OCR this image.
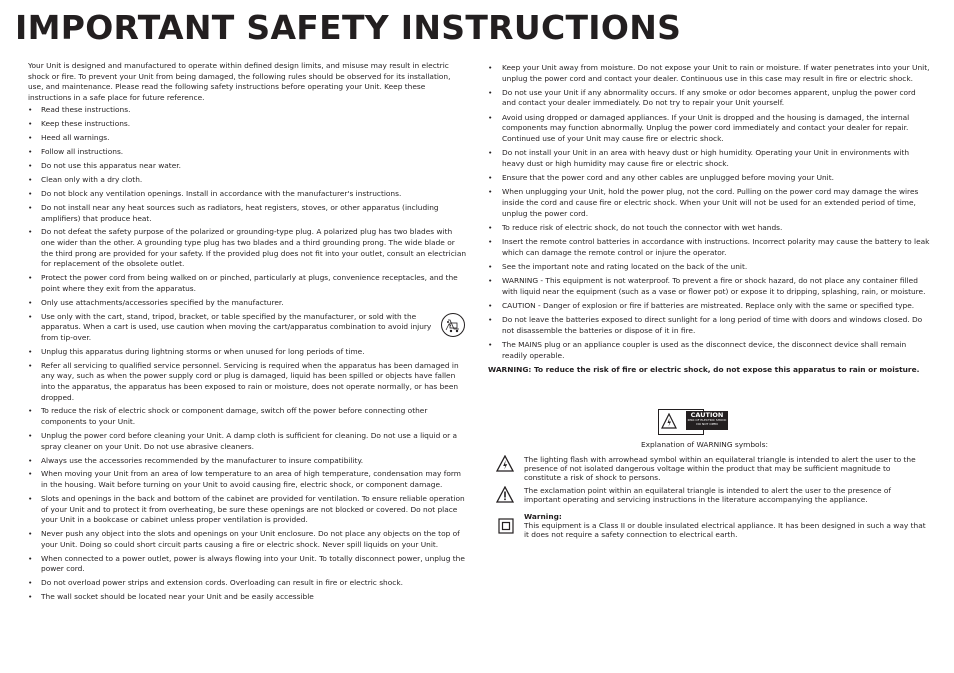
IMPORTANT SAFETY INSTRUCTIONS

Your Unit is designed and manufactured to operate within defined design limits, and misuse may result in electric shock or fire. To prevent your Unit from being damaged, the following rules should be observed for its installation, use, and maintenance. Please read the following safety instructions before operating your Unit. Keep these instructions in a safe place for future reference.

• Read these instructions.
• Keep these instructions.
• Heed all warnings.
• Follow all instructions.
• Do not use this apparatus near water.
• Clean only with a dry cloth.
• Do not block any ventilation openings. Install in accordance with the manufacturer's instructions.
• Do not install near any heat sources such as radiators, heat registers, stoves, or other apparatus (including amplifiers) that produce heat.
• Do not defeat the safety purpose of the polarized or grounding-type plug. A polarized plug has two blades with one wider than the other. A grounding type plug has two blades and a third grounding prong. The wide blade or the third prong are provided for your safety. If the provided plug does not fit into your outlet, consult an electrician for replacement of the obsolete outlet.
• Protect the power cord from being walked on or pinched, particularly at plugs, convenience receptacles, and the point where they exit from the apparatus.
• Only use attachments/accessories specified by the manufacturer.
• Use only with the cart, stand, tripod, bracket, or table specified by the manufacturer, or sold with the apparatus. When a cart is used, use caution when moving the cart/apparatus combination to avoid injury from tip-over.
• Unplug this apparatus during lightning storms or when unused for long periods of time.
• Refer all servicing to qualified service personnel. Servicing is required when the apparatus has been damaged in any way, such as when the power supply cord or plug is damaged, liquid has been spilled or objects have fallen into the apparatus, the apparatus has been exposed to rain or moisture, does not operate normally, or has been dropped.
• To reduce the risk of electric shock or component damage, switch off the power before connecting other components to your Unit.
• Unplug the power cord before cleaning your Unit. A damp cloth is sufficient for cleaning. Do not use a liquid or a spray cleaner on your Unit. Do not use abrasive cleaners.
• Always use the accessories recommended by the manufacturer to insure compatibility.
• When moving your Unit from an area of low temperature to an area of high temperature, condensation may form in the housing. Wait before turning on your Unit to avoid causing fire, electric shock, or component damage.
• Slots and openings in the back and bottom of the cabinet are provided for ventilation. To ensure reliable operation of your Unit and to protect it from overheating, be sure these openings are not blocked or covered. Do not place your Unit in a bookcase or cabinet unless proper ventilation is provided.
• Never push any object into the slots and openings on your Unit enclosure. Do not place any objects on the top of your Unit. Doing so could short circuit parts causing a fire or electric shock. Never spill liquids on your Unit.
• When connected to a power outlet, power is always flowing into your Unit. To totally disconnect power, unplug the power cord.
• Do not overload power strips and extension cords. Overloading can result in fire or electric shock.
• The wall socket should be located near your Unit and be easily accessible
• Keep your Unit away from moisture. Do not expose your Unit to rain or moisture. If water penetrates into your Unit, unplug the power cord and contact your dealer. Continuous use in this case may result in fire or electric shock.
• Do not use your Unit if any abnormality occurs. If any smoke or odor becomes apparent, unplug the power cord and contact your dealer immediately. Do not try to repair your Unit yourself.
• Avoid using dropped or damaged appliances. If your Unit is dropped and the housing is damaged, the internal components may function abnormally. Unplug the power cord immediately and contact your dealer for repair. Continued use of your Unit may cause fire or electric shock.
• Do not install your Unit in an area with heavy dust or high humidity. Operating your Unit in environments with heavy dust or high humidity may cause fire or electric shock.
• Ensure that the power cord and any other cables are unplugged before moving your Unit.
• When unplugging your Unit, hold the power plug, not the cord. Pulling on the power cord may damage the wires inside the cord and cause fire or electric shock. When your Unit will not be used for an extended period of time, unplug the power cord.
• To reduce risk of electric shock, do not touch the connector with wet hands.
• Insert the remote control batteries in accordance with instructions. Incorrect polarity may cause the battery to leak which can damage the remote control or injure the operator.
• See the important note and rating located on the back of the unit.
• WARNING - This equipment is not waterproof. To prevent a fire or shock hazard, do not place any container filled with liquid near the equipment (such as a vase or flower pot) or expose it to dripping, splashing, rain, or moisture.
• CAUTION - Danger of explosion or fire if batteries are mistreated. Replace only with the same or specified type.
• Do not leave the batteries exposed to direct sunlight for a long period of time with doors and windows closed. Do not disassemble the batteries or dispose of it in fire.
• The MAINS plug or an appliance coupler is used as the disconnect device, the disconnect device shall remain readily operable.
WARNING: To reduce the risk of fire or electric shock, do not expose this apparatus to rain or moisture.
CAUTION
RISK OF ELECTRIC SHOCK DO NOT OPEN
Explanation of WARNING symbols:
The lighting flash with arrowhead symbol within an equilateral triangle is intended to alert the user to the presence of not isolated dangerous voltage within the product that may be sufficient magnitude to constitute a risk of shock to persons.
The exclamation point within an equilateral triangle is intended to alert the user to the presence of important operating and servicing instructions in the literature accompanying the appliance.
Warning:
This equipment is a Class II or double insulated electrical appliance. It has been designed in such a way that it does not require a safety connection to electrical earth.
